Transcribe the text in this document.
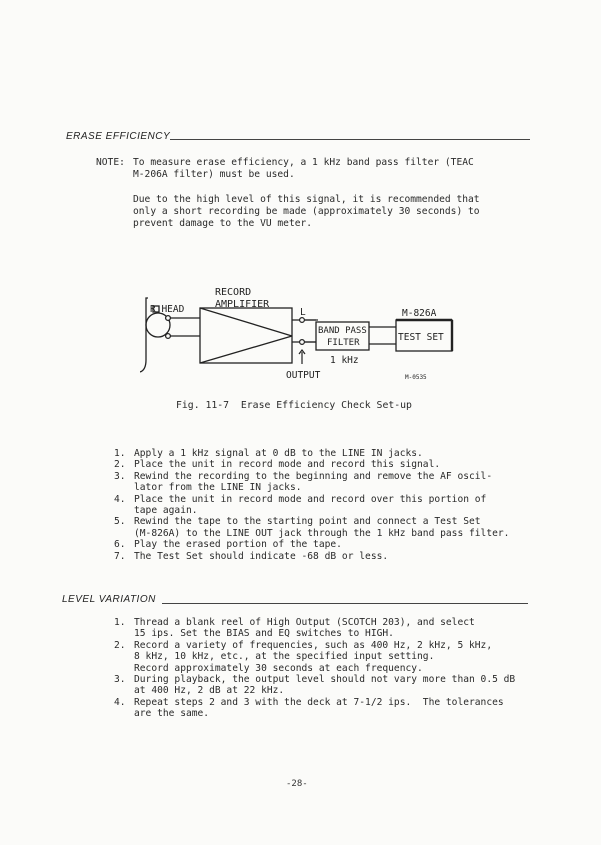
ERASE EFFICIENCY
NOTE: To measure erase efficiency, a 1 kHz band pass filter (TEAC
M-206A filter) must be used.
Due to the high level of this signal, it is recommended that
only a short recording be made (approximately 30 seconds) to
prevent damage to the VU meter.
R HEAD
RECORD
AMPLIFIER
L
OUTPUT
BAND PASS
FILTER
1 kHz
M-826A
TEST SET
M-0535
Fig. 11-7  Erase Efficiency Check Set-up
1. Apply a 1 kHz signal at 0 dB to the LINE IN jacks.
2. Place the unit in record mode and record this signal.
3. Rewind the recording to the beginning and remove the AF oscil-
lator from the LINE IN jacks.
4. Place the unit in record mode and record over this portion of
tape again.
5. Rewind the tape to the starting point and connect a Test Set
(M-826A) to the LINE OUT jack through the 1 kHz band pass filter.
6. Play the erased portion of the tape.
7. The Test Set should indicate -68 dB or less.
LEVEL VARIATION
1. Thread a blank reel of High Output (SCOTCH 203), and select
15 ips. Set the BIAS and EQ switches to HIGH.
2. Record a variety of frequencies, such as 400 Hz, 2 kHz, 5 kHz,
8 kHz, 10 kHz, etc., at the specified input setting.
Record approximately 30 seconds at each frequency.
3. During playback, the output level should not vary more than 0.5 dB
at 400 Hz, 2 dB at 22 kHz.
4. Repeat steps 2 and 3 with the deck at 7-1/2 ips.  The tolerances
are the same.
-28-
